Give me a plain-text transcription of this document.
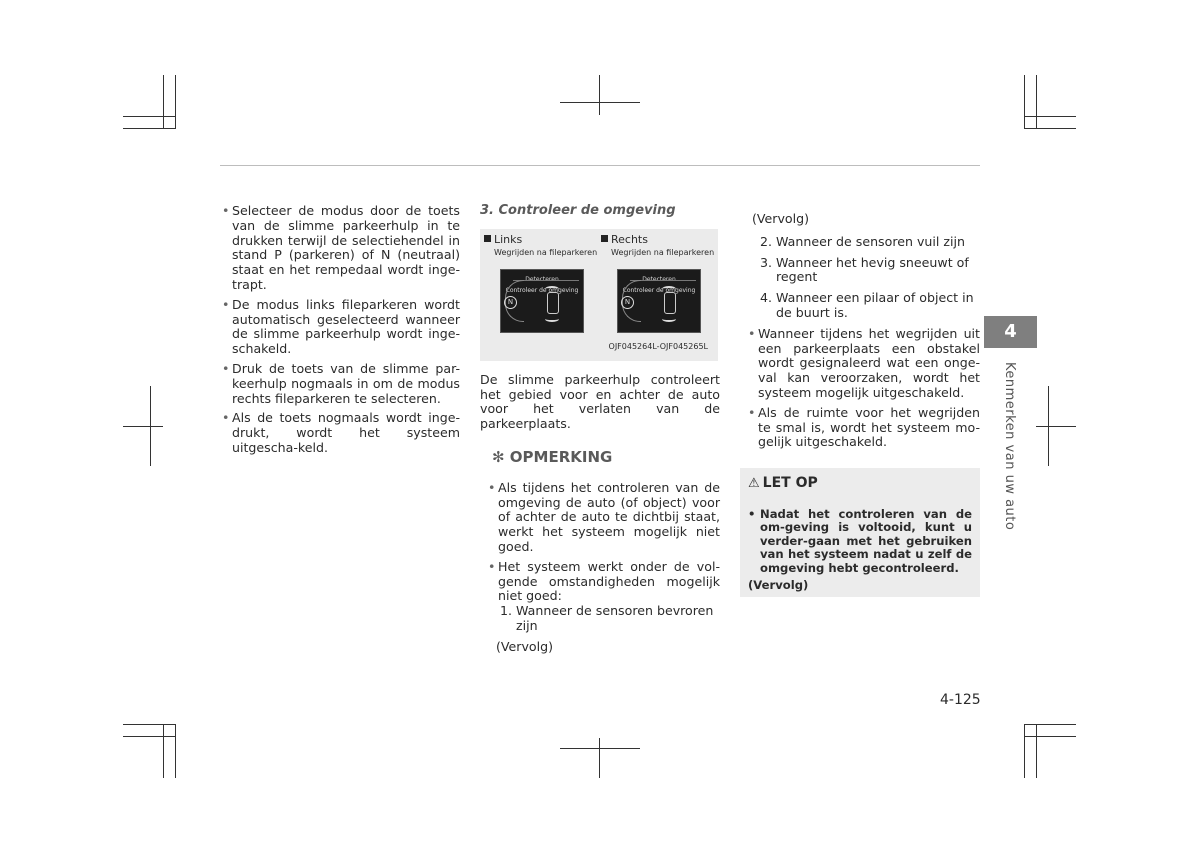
• Selecteer de modus door de toets van de slimme parkeerhulp in te drukken terwijl de selectiehendel in stand P (parkeren) of N (neutraal) staat en het rempedaal wordt inge-trapt.
• De modus links fileparkeren wordt automatisch geselecteerd wanneer de slimme parkeerhulp wordt inge-schakeld.
• Druk de toets van de slimme par-keerhulp nogmaals in om de modus rechts fileparkeren te selecteren.
• Als de toets nogmaals wordt inge-drukt, wordt het systeem uitgescha-keld.
3. Controleer de omgeving
Links
Wegrijden na fileparkeren
Controleer de omgeving
N
Rechts
Wegrijden na fileparkeren
Controleer de omgeving
N
OJF045264L-OJF045265L

De slimme parkeerhulp controleert het gebied voor en achter de auto voor het verlaten van de parkeerplaats.

✻ OPMERKING
• Als tijdens het controleren van de omgeving de auto (of object) voor of achter de auto te dichtbij staat, werkt het systeem mogelijk niet goed.
• Het systeem werkt onder de vol-gende omstandigheden mogelijk niet goed:
1. Wanneer de sensoren bevroren zijn
(Vervolg)
(Vervolg)
2. Wanneer de sensoren vuil zijn
3. Wanneer het hevig sneeuwt of regent
4. Wanneer een pilaar of object in de buurt is.
• Wanneer tijdens het wegrijden uit een parkeerplaats een obstakel wordt gesignaleerd wat een onge-val kan veroorzaken, wordt het systeem mogelijk uitgeschakeld.
• Als de ruimte voor het wegrijden te smal is, wordt het systeem mo-gelijk uitgeschakeld.
⚠ LET OP
• Nadat het controleren van de om-geving is voltooid, kunt u verder-gaan met het gebruiken van het systeem nadat u zelf de omgeving hebt gecontroleerd.
(Vervolg)
4
Kenmerken van uw auto
4-125
